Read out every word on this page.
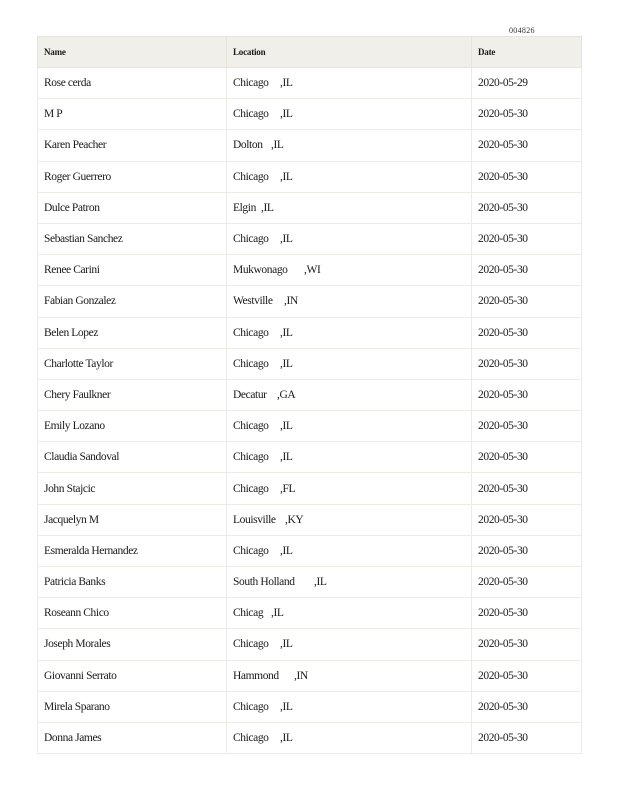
004826
Name	Location	Date
Rose cerda	Chicago ,IL	2020-05-29
M P	Chicago ,IL	2020-05-30
Karen Peacher	Dolton ,IL	2020-05-30
Roger Guerrero	Chicago ,IL	2020-05-30
Dulce Patron	Elgin ,IL	2020-05-30
Sebastian Sanchez	Chicago ,IL	2020-05-30
Renee Carini	Mukwonago ,WI	2020-05-30
Fabian Gonzalez	Westville ,IN	2020-05-30
Belen Lopez	Chicago ,IL	2020-05-30
Charlotte Taylor	Chicago ,IL	2020-05-30
Chery Faulkner	Decatur ,GA	2020-05-30
Emily Lozano	Chicago ,IL	2020-05-30
Claudia Sandoval	Chicago ,IL	2020-05-30
John Stajcic	Chicago ,FL	2020-05-30
Jacquelyn M	Louisville ,KY	2020-05-30
Esmeralda Hernandez	Chicago ,IL	2020-05-30
Patricia Banks	South Holland ,IL	2020-05-30
Roseann Chico	Chicag ,IL	2020-05-30
Joseph Morales	Chicago ,IL	2020-05-30
Giovanni Serrato	Hammond ,IN	2020-05-30
Mirela Sparano	Chicago ,IL	2020-05-30
Donna James	Chicago ,IL	2020-05-30
